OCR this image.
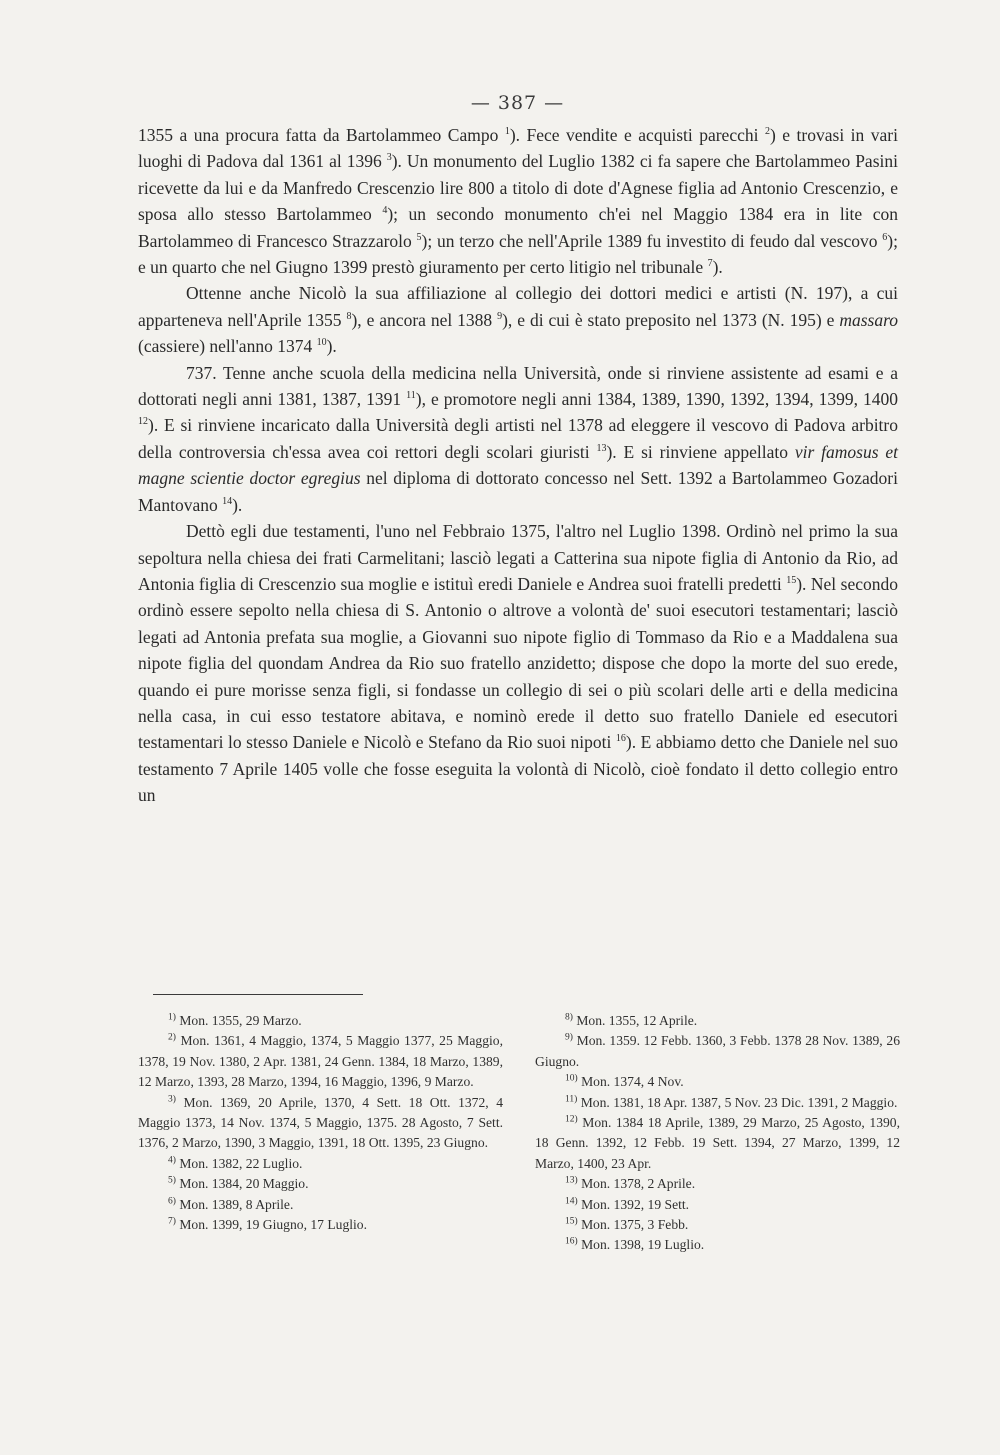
— 387 —

1355 a una procura fatta da Bartolammeo Campo $^1$). Fece vendite e acquisti parecchi $^2$) e trovasi in vari luoghi di Padova dal 1361 al 1396 $^3$). Un monumento del Luglio 1382 ci fa sapere che Bartolammeo Pasini ricevette da lui e da Manfredo Crescenzio lire 800 a titolo di dote d'Agnese figlia ad Antonio Crescenzio, e sposa allo stesso Bartolammeo $^4$); un secondo monumento ch'ei nel Maggio 1384 era in lite con Bartolammeo di Francesco Strazzarolo $^5$); un terzo che nell'Aprile 1389 fu investito di feudo dal vescovo $^6$); e un quarto che nel Giugno 1399 prestò giuramento per certo litigio nel tribunale $^7$).

Ottenne anche Nicolò la sua affiliazione al collegio dei dottori medici e artisti (N. 197), a cui apparteneva nell'Aprile 1355 $^8$), e ancora nel 1388 $^9$), e di cui è stato preposito nel 1373 (N. 195) e massaro (cassiere) nell'anno 1374 $^{10}$).

737. Tenne anche scuola della medicina nella Università, onde si rinviene assistente ad esami e a dottorati negli anni 1381, 1387, 1391 $^{11}$), e promotore negli anni 1384, 1389, 1390, 1392, 1394, 1399, 1400 $^{12}$). E si rinviene incaricato dalla Università degli artisti nel 1378 ad eleggere il vescovo di Padova arbitro della controversia ch'essa avea coi rettori degli scolari giuristi $^{13}$). E si rinviene appellato vir famosus et magne scientie doctor egregius nel diploma di dottorato concesso nel Sett. 1392 a Bartolammeo Gozadori Mantovano $^{14}$).

Dettò egli due testamenti, l'uno nel Febbraio 1375, l'altro nel Luglio 1398. Ordinò nel primo la sua sepoltura nella chiesa dei frati Carmelitani; lasciò legati a Catterina sua nipote figlia di Antonio da Rio, ad Antonia figlia di Crescenzio sua moglie e istituì eredi Daniele e Andrea suoi fratelli predetti $^{15}$). Nel secondo ordinò essere sepolto nella chiesa di S. Antonio o altrove a volontà de' suoi esecutori testamentari; lasciò legati ad Antonia prefata sua moglie, a Giovanni suo nipote figlio di Tommaso da Rio e a Maddalena sua nipote figlia del quondam Andrea da Rio suo fratello anzidetto; dispose che dopo la morte del suo erede, quando ei pure morisse senza figli, si fondasse un collegio di sei o più scolari delle arti e della medicina nella casa, in cui esso testatore abitava, e nominò erede il detto suo fratello Daniele ed esecutori testamentari lo stesso Daniele e Nicolò e Stefano da Rio suoi nipoti $^{16}$). E abbiamo detto che Daniele nel suo testamento 7 Aprile 1405 volle che fosse eseguita la volontà di Nicolò, cioè fondato il detto collegio entro un

$^{1)}$ Mon. 1355, 29 Marzo.

$^{2)}$ Mon. 1361, 4 Maggio, 1374, 5 Maggio 1377, 25 Maggio, 1378, 19 Nov. 1380, 2 Apr. 1381, 24 Genn. 1384, 18 Marzo, 1389, 12 Marzo, 1393, 28 Marzo, 1394, 16 Maggio, 1396, 9 Marzo.

$^{3)}$ Mon. 1369, 20 Aprile, 1370, 4 Sett. 18 Ott. 1372, 4 Maggio 1373, 14 Nov. 1374, 5 Maggio, 1375. 28 Agosto, 7 Sett. 1376, 2 Marzo, 1390, 3 Maggio, 1391, 18 Ott. 1395, 23 Giugno.

$^{4)}$ Mon. 1382, 22 Luglio.

$^{5)}$ Mon. 1384, 20 Maggio.

$^{6)}$ Mon. 1389, 8 Aprile.

$^{7)}$ Mon. 1399, 19 Giugno, 17 Luglio.

$^{8)}$ Mon. 1355, 12 Aprile.

$^{9)}$ Mon. 1359. 12 Febb. 1360, 3 Febb. 1378 28 Nov. 1389, 26 Giugno.

$^{10)}$ Mon. 1374, 4 Nov.

$^{11)}$ Mon. 1381, 18 Apr. 1387, 5 Nov. 23 Dic. 1391, 2 Maggio.

$^{12)}$ Mon. 1384 18 Aprile, 1389, 29 Marzo, 25 Agosto, 1390, 18 Genn. 1392, 12 Febb. 19 Sett. 1394, 27 Marzo, 1399, 12 Marzo, 1400, 23 Apr.

$^{13)}$ Mon. 1378, 2 Aprile.

$^{14)}$ Mon. 1392, 19 Sett.

$^{15)}$ Mon. 1375, 3 Febb.

$^{16)}$ Mon. 1398, 19 Luglio.
